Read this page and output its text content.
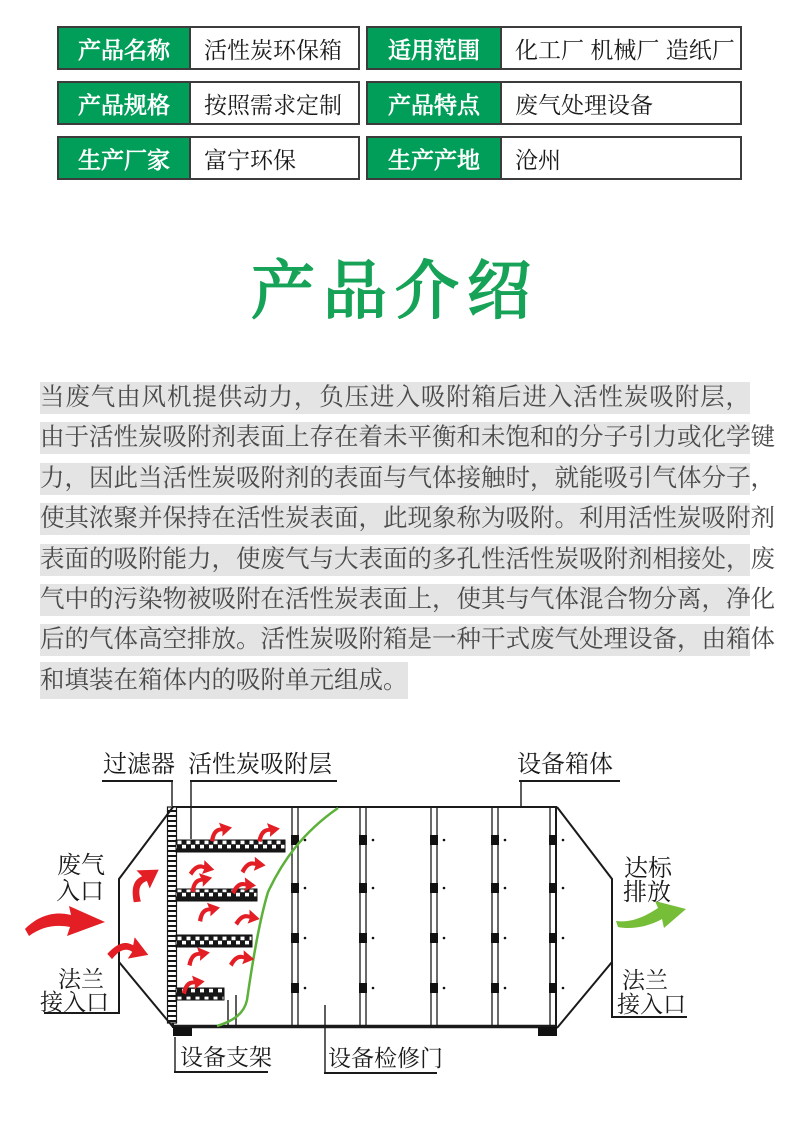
产品名称	活性炭环保箱	适用范围	化工厂 机械厂 造纸厂
产品规格	按照需求定制	产品特点	废气处理设备
生产厂家	富宁环保	生产产地	沧州
产品介绍
当废气由风机提供动力，负压进入吸附箱后进入活性炭吸附层，
由于活性炭吸附剂表面上存在着未平衡和未饱和的分子引力或化学键
力，因此当活性炭吸附剂的表面与气体接触时，就能吸引气体分子，
使其浓聚并保持在活性炭表面，此现象称为吸附。利用活性炭吸附剂
表面的吸附能力，使废气与大表面的多孔性活性炭吸附剂相接处，废
气中的污染物被吸附在活性炭表面上，使其与气体混合物分离，净化
后的气体高空排放。活性炭吸附箱是一种干式废气处理设备，由箱体
和填装在箱体内的吸附单元组成。
过滤器 活性炭吸附层	设备箱体
废气
入口
达标
排放
法兰
接入口
法兰
接入口
设备支架 设备检修门
